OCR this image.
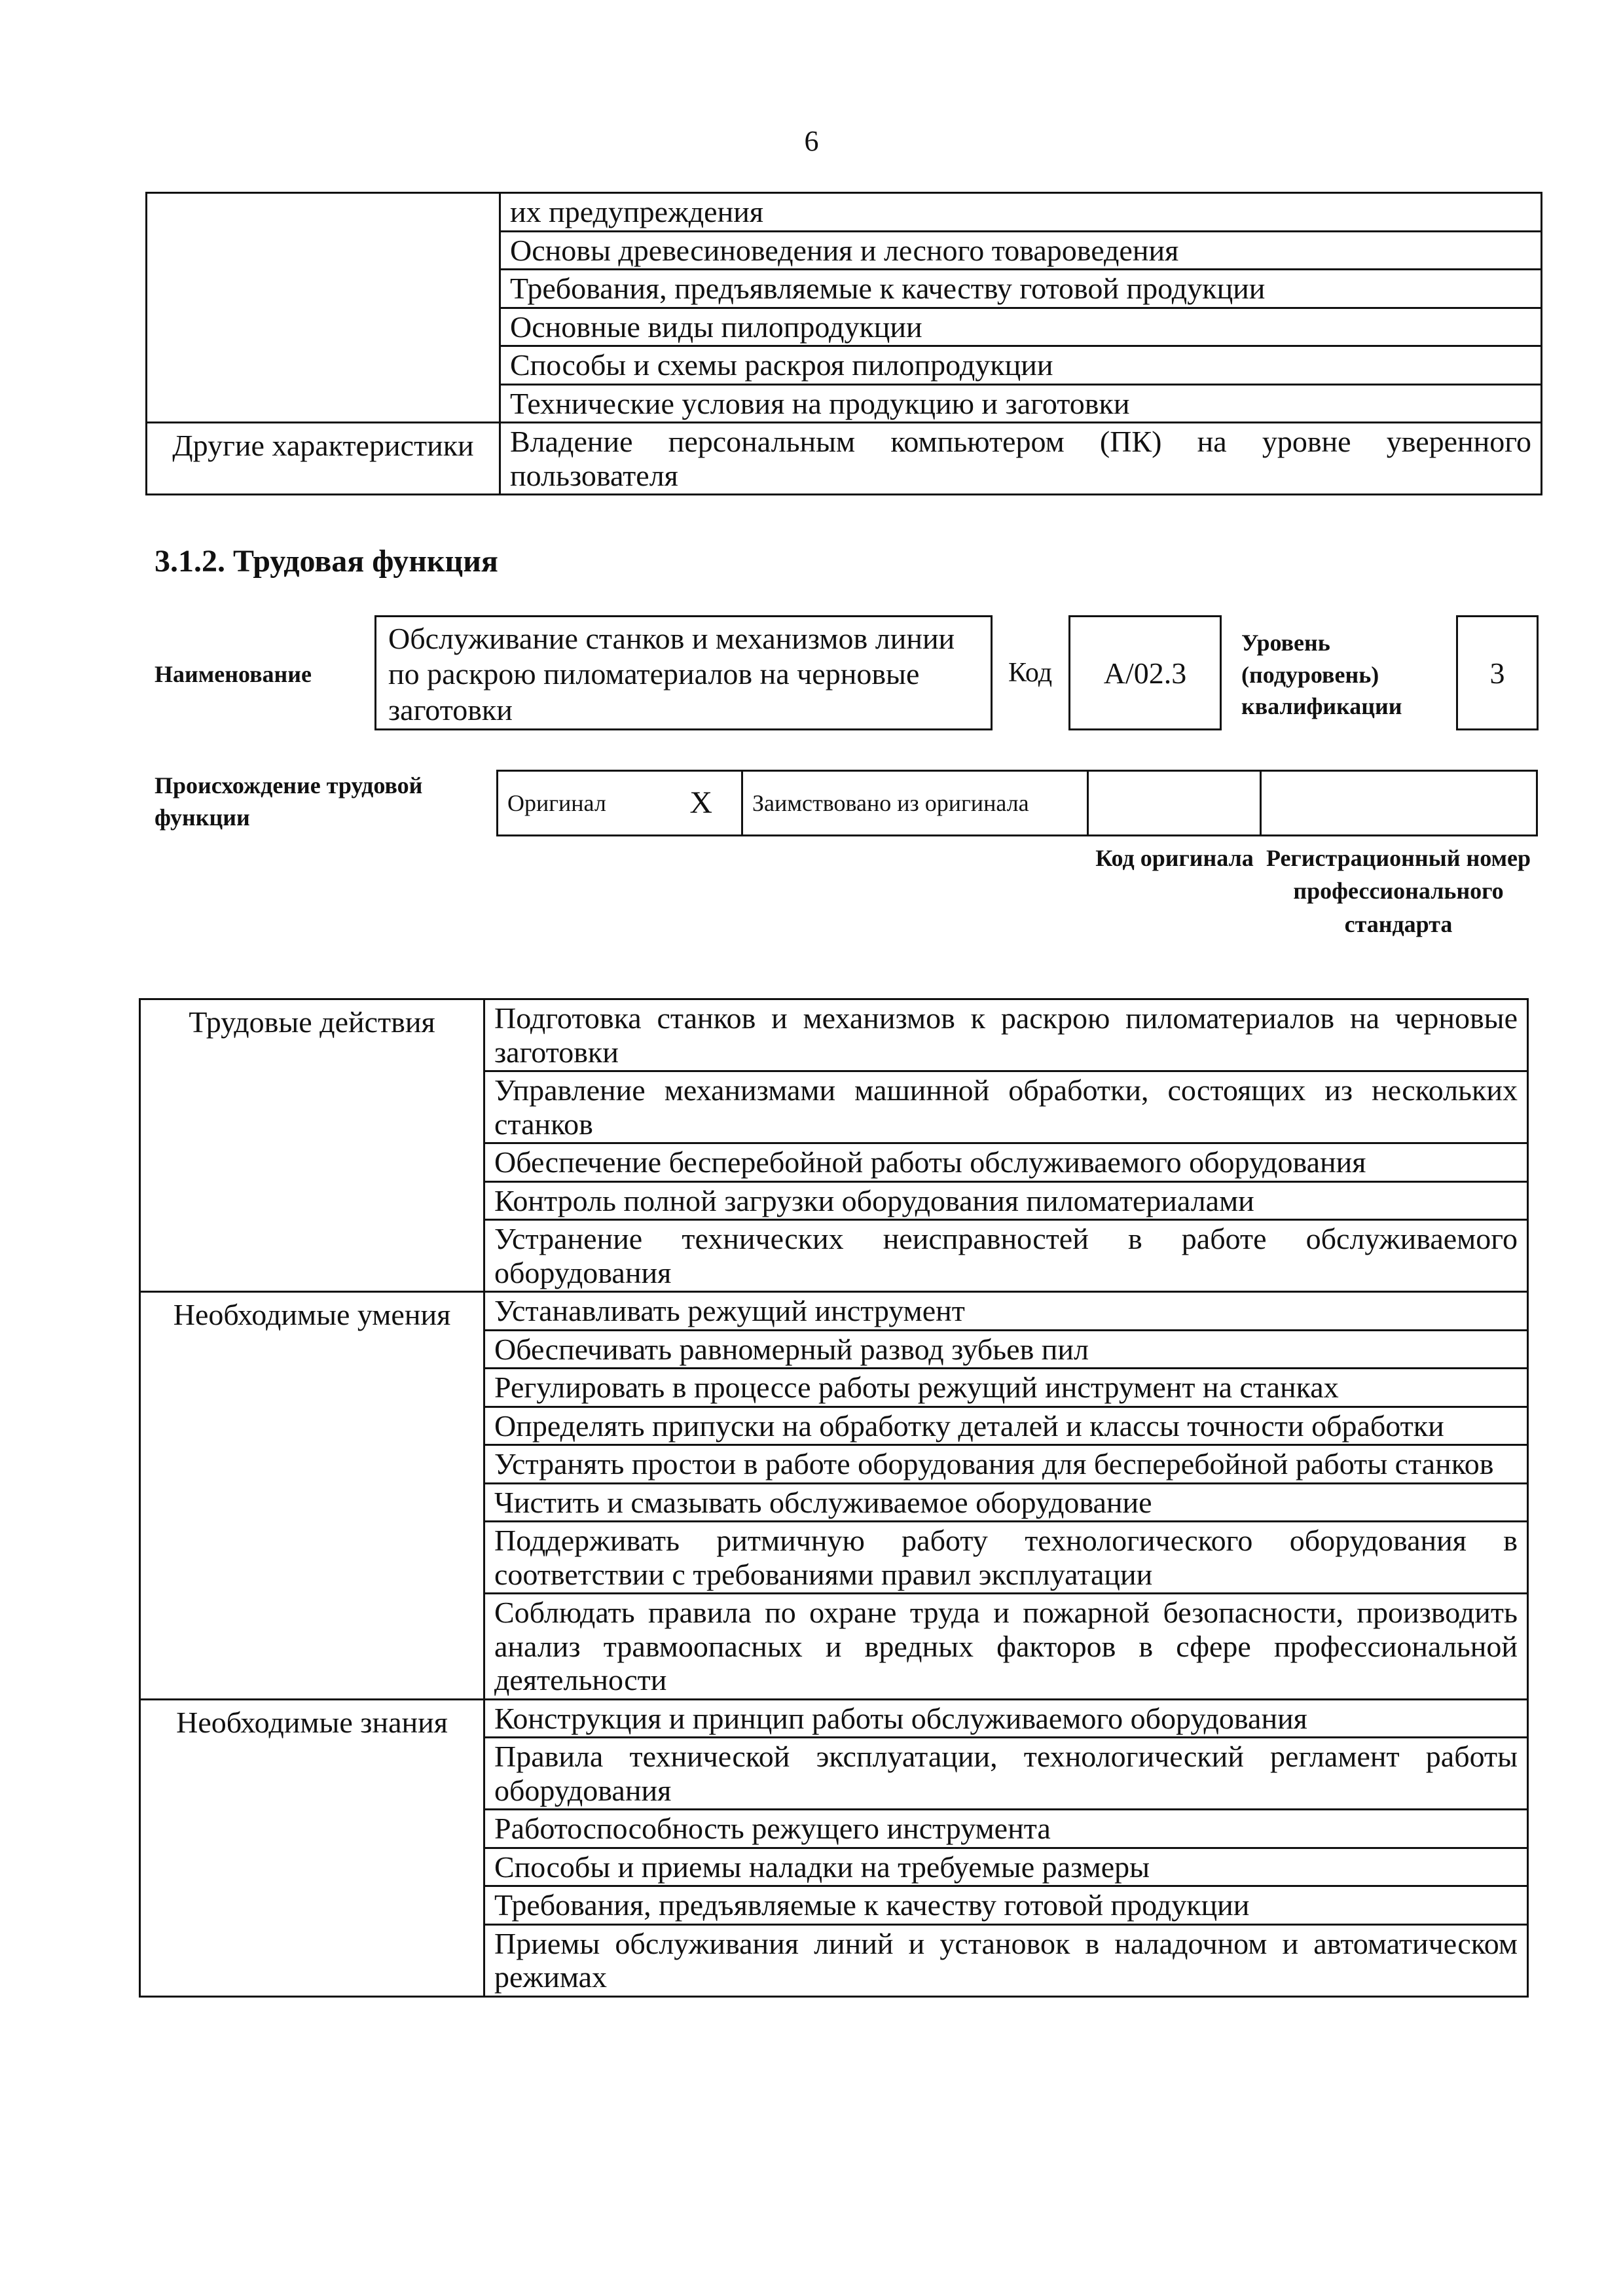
6
	их предупреждения
	Основы древесиноведения и лесного товароведения
	Требования, предъявляемые к качеству готовой продукции
	Основные виды пилопродукции
	Способы и схемы раскроя пилопродукции
	Технические условия на продукцию и заготовки
Другие характеристики	Владение персональным компьютером (ПК) на уровне уверенного пользователя
3.1.2. Трудовая функция
Наименование
Обслуживание станков и механизмов линии по раскрою пиломатериалов на черновые заготовки
Код	А/02.3
Уровень (подуровень) квалификации
3
Происхождение трудовой функции
Оригинал	X	Заимствовано из оригинала		
Код оригинала Регистрационный номер профессионального стандарта
Трудовые действия	Подготовка станков и механизмов к раскрою пиломатериалов на черновые заготовки
	Управление механизмами машинной обработки, состоящих из нескольких станков
	Обеспечение бесперебойной работы обслуживаемого оборудования
	Контроль полной загрузки оборудования пиломатериалами
	Устранение технических неисправностей в работе обслуживаемого оборудования
Необходимые умения	Устанавливать режущий инструмент
	Обеспечивать равномерный развод зубьев пил
	Регулировать в процессе работы режущий инструмент на станках
	Определять припуски на обработку деталей и классы точности обработки
	Устранять простои в работе оборудования для бесперебойной работы станков
	Чистить и смазывать обслуживаемое оборудование
	Поддерживать ритмичную работу технологического оборудования в соответствии с требованиями правил эксплуатации
	Соблюдать правила по охране труда и пожарной безопасности, производить анализ травмоопасных и вредных факторов в сфере профессиональной деятельности
Необходимые знания	Конструкция и принцип работы обслуживаемого оборудования
	Правила технической эксплуатации, технологический регламент работы оборудования
	Работоспособность режущего инструмента
	Способы и приемы наладки на требуемые размеры
	Требования, предъявляемые к качеству готовой продукции
	Приемы обслуживания линий и установок в наладочном и автоматическом режимах
